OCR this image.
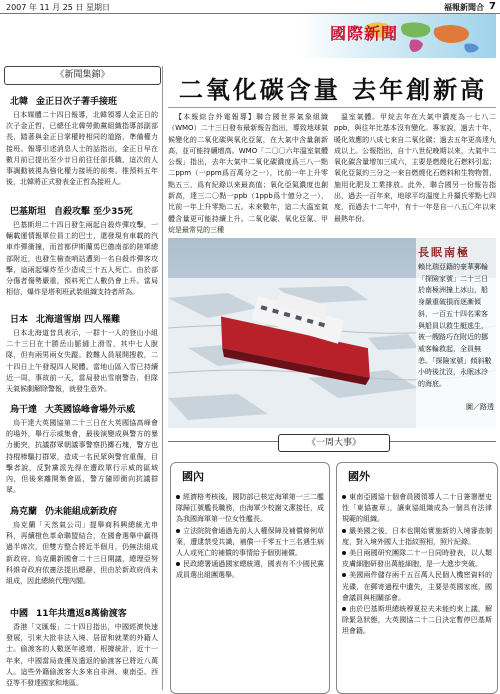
2007 年 11 月 25 日 星期日	福報新聞合 7
國際新聞
《新聞集錦》
北韓 金正日次子著手接班

日本媒體二十四日報導，北韓領導人金正日的次子金正哲，已總任北韓勞動黨組織指導部副部長，踏著與金正日掌權時相同的道路，準備權力接班。報導引述消息人士的話指出，金正日早在數月前已提出至少廿日前往任部長職，這次的人事調動被視為強化權力接班的前奏。推預料五年後，北韓將正式發表金正哲為接班人。

巴基斯坦 自殺攻擊 至少35死

巴基斯坦二十四日發生兩起自殺炸彈攻擊，一輛載運情報單位員工的巴士，還發現有車載的汽車炸彈衝撞，而首都伊斯蘭馬巴德南部的陸軍總部附近，也發生檢查哨站遭到一名自殺炸彈客攻擊，這兩起爆炸至少造成三十五人死亡。由於部分傷者傷勢嚴重，預料死亡人數仍會上升。當局相信，爆炸是塔利班武裝組織支持者所為。

日本 北海道雪崩 四人罹難

日本北海道昔具表示，一群十一人的登山小組二十三日在十勝岳山脈縫上滑雪，其中七人脫隊，但有兩男兩女失蹤。救難人員展開搜救，二十四日上午發現四人屍體。當地山區入雪已持續近一周，事故前一天，當局發出雪崩警告，但隊天氣候劇解除警報，就發生意外。

烏干達 大英國協峰會場外示威

烏干達大英國協第二十三日在大英國協高峰會的場外，舉行示威集會，最後演變成與警方的暴力衝突，抗議群眾朝議事警察扔擲石塊，警方也持棍棒驅打群眾，造成一名民眾與警官重傷，目擊者說，反對黨派先得在遭政單行示威的區域內，但後來離開集會區，警方隨即衝向抗議群眾。

烏克蘭 仍未能組成新政府

烏克蘭「天然氣公司」提舉商科興總統尤申科，再續橙色革命聯盟結合，在國會選舉中贏得過半席次，但雙方整合將近半個月，仍無法組成新政府。烏克蘭新國會二十三日開議，總理亞努科維奇政府依憲法提出總辭，但由於新政府尚未組成，因此總統代理內閣。

中國 11年共遣返8萬偷渡客

香港「文匯報」二十四日指出，中國經濟快速發展，引來大批非法入境、居留和就業的外籍人士。偷渡客的人數逐年遞增，根據統計，近十一年來，中國當局查獲及遣返的偷渡客已將近八萬人。這些外籍偷渡客大多來自非洲、東南亞、西亞等不發達國家和地區。

二氧化碳含量 去年創新高

【本報綜合外電報導】聯合國世界氣象組織（WMO）二十三日發布最新報告指出，導致地球氣候變化的二氧化碳與氧化亞氮，在大氣中含量創新高，並可能持續增高。WMO「二〇〇六年溫室氣體公報」指出，去年大氣中二氧化碳濃度爲三八一點二ppm（一ppm爲百萬分之一），比前一年上升零點五三，爲有紀錄以來最高值；氧化亞氮濃度也創新高，達三二〇點一ppb（1ppb爲十億分之一），比前一年上升零點二五。未來數年，這二大溫室氣體含量更可能持續上升。二氧化碳、氧化亞氮、甲烷是最常見的三種

溫室氣體。甲烷去年在大氣中濃度為一七八二ppb，與往年比基本沒有變化。專家說，過去十年，暖化效應的八成七來自二氧化碳；過去五年更高達九成以上。公報指出，自十八世紀晚期以來，大氣中二氧化碳含量增加三成六，主要是燃燒化石燃料引起；氧化亞氮約三分之一來自燃燒化石燃料和生物物質、施用化肥及工業排放。此外，聯合國另一份報告指出，過去一百年來，地球平均溫度上升攝氏零點七四度，而過去十二年中，有十一年是自一八五〇年以來最熱年份。

長眠南極
賴比瑞亞籍的豪華郵輪「探險家號」二十三日於南極洲撞上冰山，船身嚴重破損而逐漸傾斜，一百五十四名乘客與船員以救生艇逃生，被一艘路巧在附近的挪威客輪救起，全員無恙。「探險家號」傾斜數小時後沈沒，永眠冰冷的海底。
圖／路透
《一周大事》
國內

經濟格考核後，國防部已核定海軍第一三二艦隊歸江號艦長職務，由海軍少校謝文潔接任，成為我國海軍第一位女性艦長。

立法院院會通過先前人人權保障及補償條例草案，遭逮禁受共識，補償一千零五十三名遇生病人人或死亡的補償的事情給予個別補償。

民政總署通過國家總統選，國表有不少國民黨成員選出組團選舉。

國外

東南亞國協十個會員國領導人二十日簽署歷史性「東協憲章」，讓東協組織成為一個具有法律規範的組織。

嚴美國之後，日本也開始實施新的入境審查制度，對入境外國人士指紋照相，照片紀錄。

美日兩國研究團隊二十一日同時發表，以人類皮膚細胞研發出萬能細胞，是一大進步突破。

美國兩件儲存兩千五百萬人民個人機密資料的光碟，在郵寄過程中遺失，主要是英國家庭，國會議員與相關部會。

由於巴基斯坦總統穆夏拉夫未能約束上議，解除緊急狀態，大英國協二十二日決定暫停巴基斯坦會籍。
